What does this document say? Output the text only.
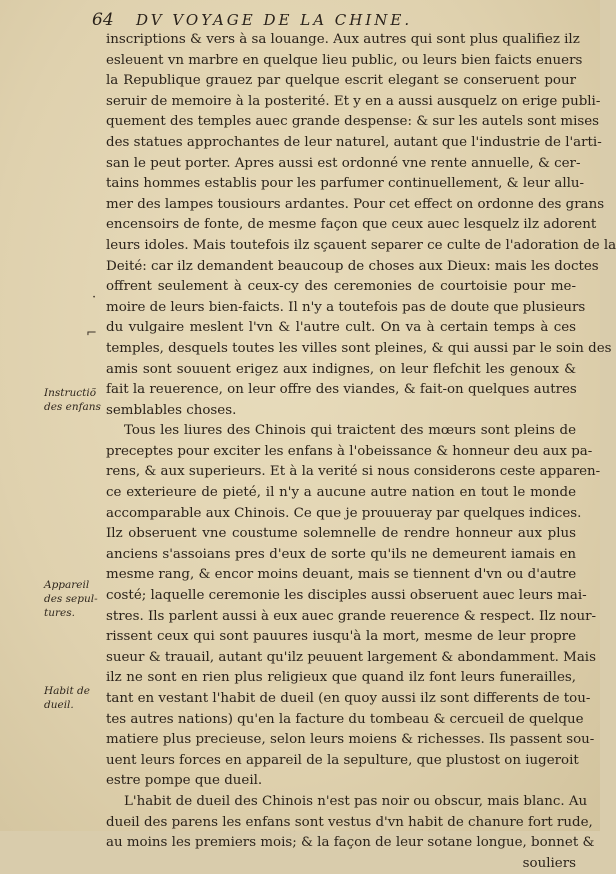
64 DV VOYAGE DE LA CHINE.
inscriptions & vers à sa louange. Aux autres qui sont plus qualifiez ilz
esleuent vn marbre en quelque lieu public, ou leurs bien faicts enuers
la Republique grauez par quelque escrit elegant se conseruent pour
seruir de memoire à la posterité. Et y en a aussi ausquelz on erige publi-
quement des temples auec grande despense: & sur les autels sont mises
des statues approchantes de leur naturel, autant que l'industrie de l'arti-
san le peut porter. Apres aussi est ordonné vne rente annuelle, & cer-
tains hommes establis pour les parfumer continuellement, & leur allu-
mer des lampes tousiours ardantes. Pour cet effect on ordonne des grans
encensoirs de fonte, de mesme façon que ceux auec lesquelz ilz adorent
leurs idoles. Mais toutefois ilz sçauent separer ce culte de l'adoration de la
Deité: car ilz demandent beaucoup de choses aux Dieux: mais les doctes
offrent seulement à ceux-cy des ceremonies de courtoisie pour me-
moire de leurs bien-faicts. Il n'y a toutefois pas de doute que plusieurs
du vulgaire meslent l'vn & l'autre cult. On va à certain temps à ces
temples, desquels toutes les villes sont pleines, & qui aussi par le soin des
amis sont souuent erigez aux indignes, on leur flefchit les genoux &
fait la reuerence, on leur offre des viandes, & fait-on quelques autres
semblables choses.
Tous les liures des Chinois qui traictent des mœurs sont pleins de
preceptes pour exciter les enfans à l'obeissance & honneur deu aux pa-
rens, & aux superieurs. Et à la verité si nous considerons ceste apparen-
ce exterieure de pieté, il n'y a aucune autre nation en tout le monde
accomparable aux Chinois. Ce que je prouueray par quelques indices.
Ilz obseruent vne coustume solemnelle de rendre honneur aux plus
anciens s'assoians pres d'eux de sorte qu'ils ne demeurent iamais en
mesme rang, & encor moins deuant, mais se tiennent d'vn ou d'autre
costé; laquelle ceremonie les disciples aussi obseruent auec leurs mai-
stres. Ils parlent aussi à eux auec grande reuerence & respect. Ilz nour-
rissent ceux qui sont pauures iusqu'à la mort, mesme de leur propre
sueur & trauail, autant qu'ilz peuuent largement & abondamment. Mais
ilz ne sont en rien plus religieux que quand ilz font leurs funerailles,
tant en vestant l'habit de dueil (en quoy aussi ilz sont differents de tou-
tes autres nations) qu'en la facture du tombeau & cercueil de quelque
matiere plus precieuse, selon leurs moiens & richesses. Ils passent sou-
uent leurs forces en appareil de la sepulture, que plustost on iugeroit
estre pompe que dueil.
L'habit de dueil des Chinois n'est pas noir ou obscur, mais blanc. Au
dueil des parens les enfans sont vestus d'vn habit de chanure fort rude,
au moins les premiers mois; & la façon de leur sotane longue, bonnet &
souliers
Instructiõ
des enfans
Appareil
des sepul-
tures.
Habit de
dueil.
·
⌐
